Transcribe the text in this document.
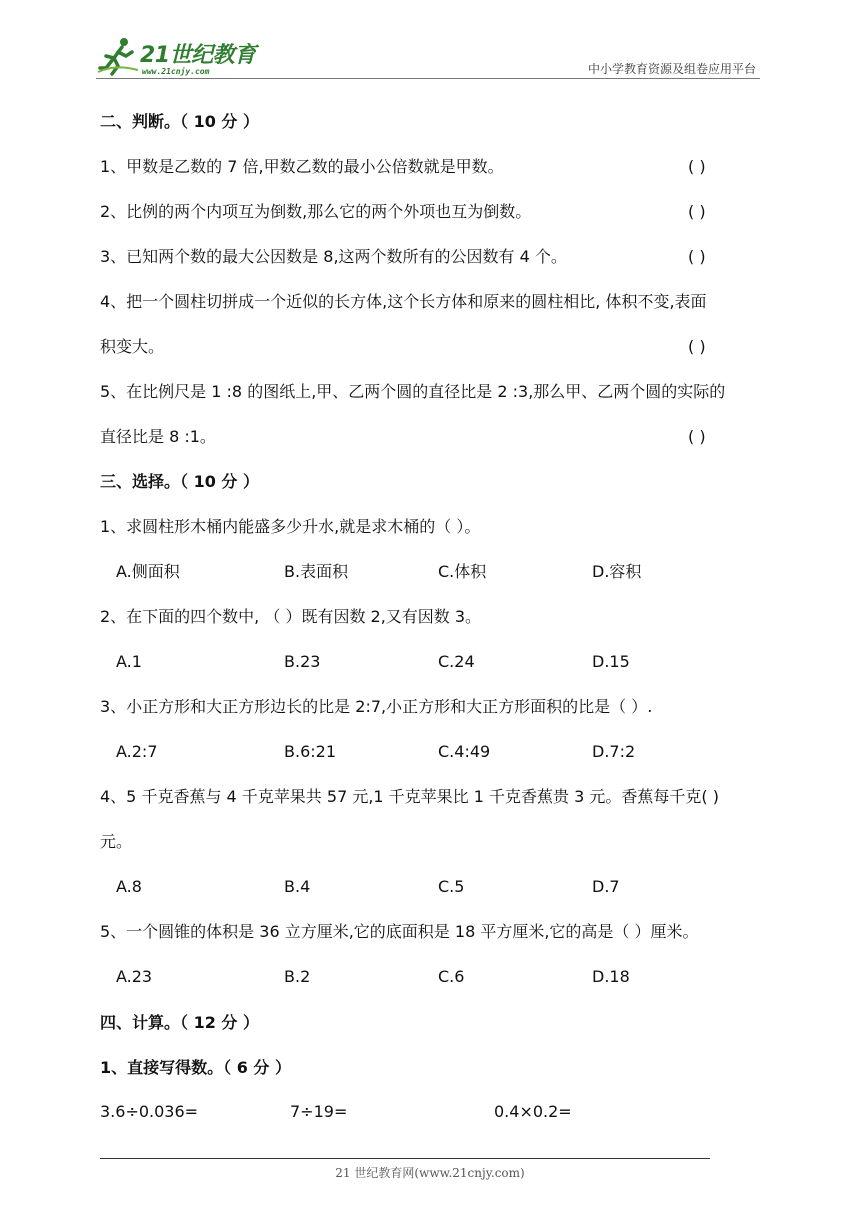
21世纪教育
www.21cnjy.com	中小学教育资源及组卷应用平台
二、判断。（ 10 分 ）
1、甲数是乙数的 7 倍,甲数乙数的最小公倍数就是甲数。	( )
2、比例的两个内项互为倒数,那么它的两个外项也互为倒数。	( )
3、已知两个数的最大公因数是 8,这两个数所有的公因数有 4 个。	( )
4、把一个圆柱切拼成一个近似的长方体,这个长方体和原来的圆柱相比, 体积不变,表面
积变大。	( )
5、在比例尺是 1 :8 的图纸上,甲、乙两个圆的直径比是 2 :3,那么甲、乙两个圆的实际的
直径比是 8 :1。	( )
三、选择。（ 10 分 ）
1、求圆柱形木桶内能盛多少升水,就是求木桶的（ ）。
A.侧面积	B.表面积	C.体积	D.容积
2、在下面的四个数中, （ ）既有因数 2,又有因数 3。
A.1	B.23	C.24	D.15
3、小正方形和大正方形边长的比是 2:7,小正方形和大正方形面积的比是（ ）.
A.2:7	B.6:21	C.4:49	D.7:2
4、5 千克香蕉与 4 千克苹果共 57 元,1 千克苹果比 1 千克香蕉贵 3 元。香蕉每千克( )
元。
A.8	B.4	C.5	D.7
5、一个圆锥的体积是 36 立方厘米,它的底面积是 18 平方厘米,它的高是（ ）厘米。
A.23	B.2	C.6	D.18
四、计算。（ 12 分 ）
1、直接写得数。（ 6 分 ）
3.6÷0.036=	7÷19=	0.4×0.2=
21 世纪教育网(www.21cnjy.com)
